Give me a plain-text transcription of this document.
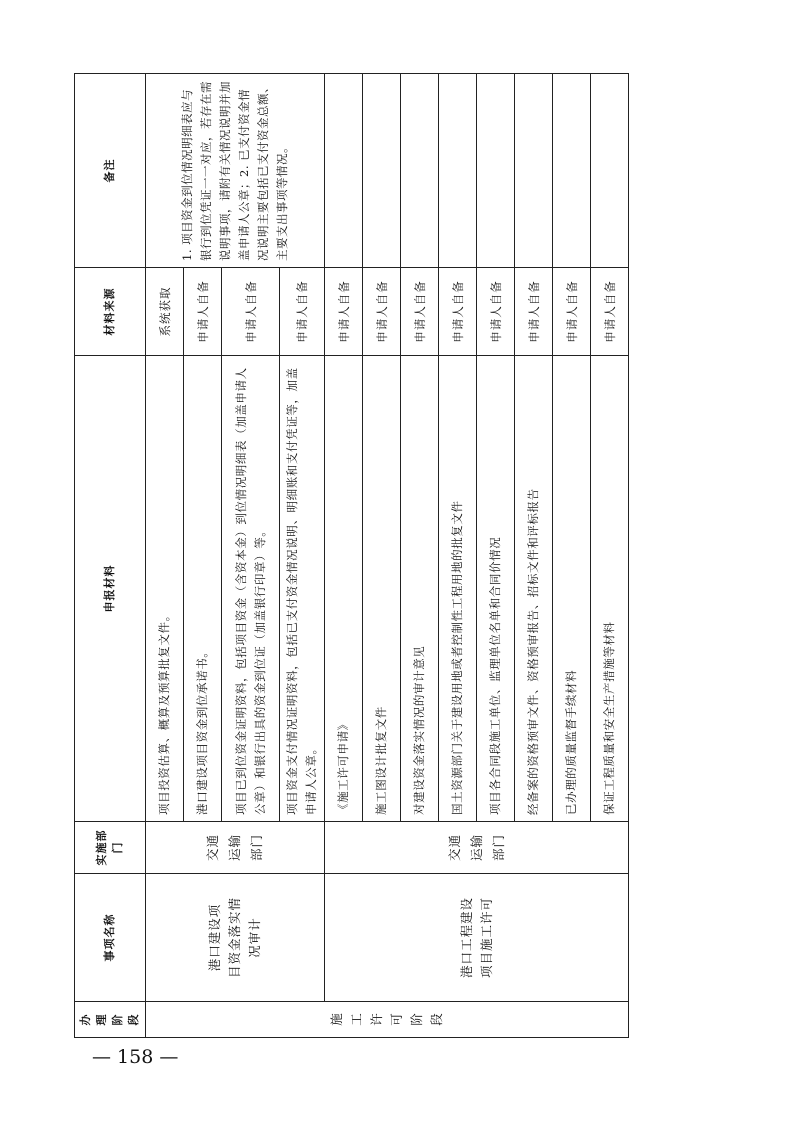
办理阶段	事项名称	实施部门	申报材料	材料来源	备注

施工 许可 阶段	港口建设项 目资金落实情 况审计	交通 运输 部门	项目投资估算、概算及预算批复文件。	系统获取	1. 项目资金到位情况明细表应与银行到位凭证一一对应，若存在需说明事项，请附有关情况说明并加盖申请人公章；2. 已支付资金情况说明主要包括已支付资金总额、主要支出事项等情况。
			港口建设项目资金到位承诺书。	申请人自备	
			项目已到位资金证明资料，包括项目资金（含资本金）到位情况明细表（加盖申请人公章）和银行出具的资金到位证（加盖银行印章）等。	申请人自备	
			项目资金支付情况证明资料，包括已支付资金情况说明、明细账和支付凭证等，加盖申请人公章。	申请人自备	

	港口工程建设 项目施工许可	交通 运输 部门	《施工许可申请》	申请人自备	
			施工图设计批复文件	申请人自备	
			对建设资金落实情况的审计意见	申请人自备	
			国土资源部门关于建设用地或者控制性工程用地的批复文件	申请人自备	
			项目各合同段施工单位、监理单位名单和合同价情况	申请人自备	
			经备案的资格预审文件、资格预审报告、招标文件和评标报告	申请人自备	
			已办理的质量监督手续材料	申请人自备	
			保证工程质量和安全生产措施等材料	申请人自备	
— 158 —
